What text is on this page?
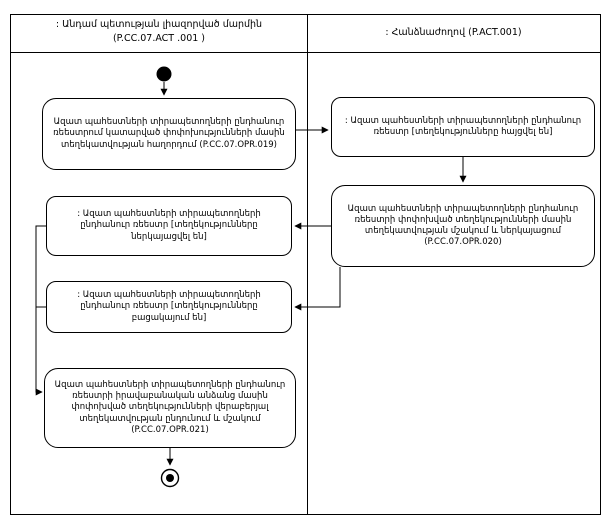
: Անդամ պետության լիազորված մարմին
(P.CC.07.ACT .001 )
: Հանձնաժողով (P.ACT.001)
Ազատ պահեստների տիրապետողների ընդհանուր ռեեստրում կատարված փոփոխությունների մասին տեղեկատվության հաղորդում (P.CC.07.OPR.019)
: Ազատ պահեստների տիրապետողների ընդհանուր ռեեստր [տեղեկությունները ներկայացվել են]
: Ազատ պահեստների տիրապետողների ընդհանուր ռեեստր [տեղեկությունները բացակայում են]
Ազատ պահեստների տիրապետողների ընդհանուր ռեեստրի իրավաբանական անձանց մասին փոփոխված տեղեկությունների վերաբերյալ տեղեկատվության ընդունում և մշակում (P.CC.07.OPR.021)
: Ազատ պահեստների տիրապետողների ընդհանուր ռեեստր [տեղեկությունները հայցվել են]
Ազատ պահեստների տիրապետողների ընդհանուր ռեեստրի փոփոխված տեղեկությունների մասին տեղեկատվության մշակում և ներկայացում (P.CC.07.OPR.020)
